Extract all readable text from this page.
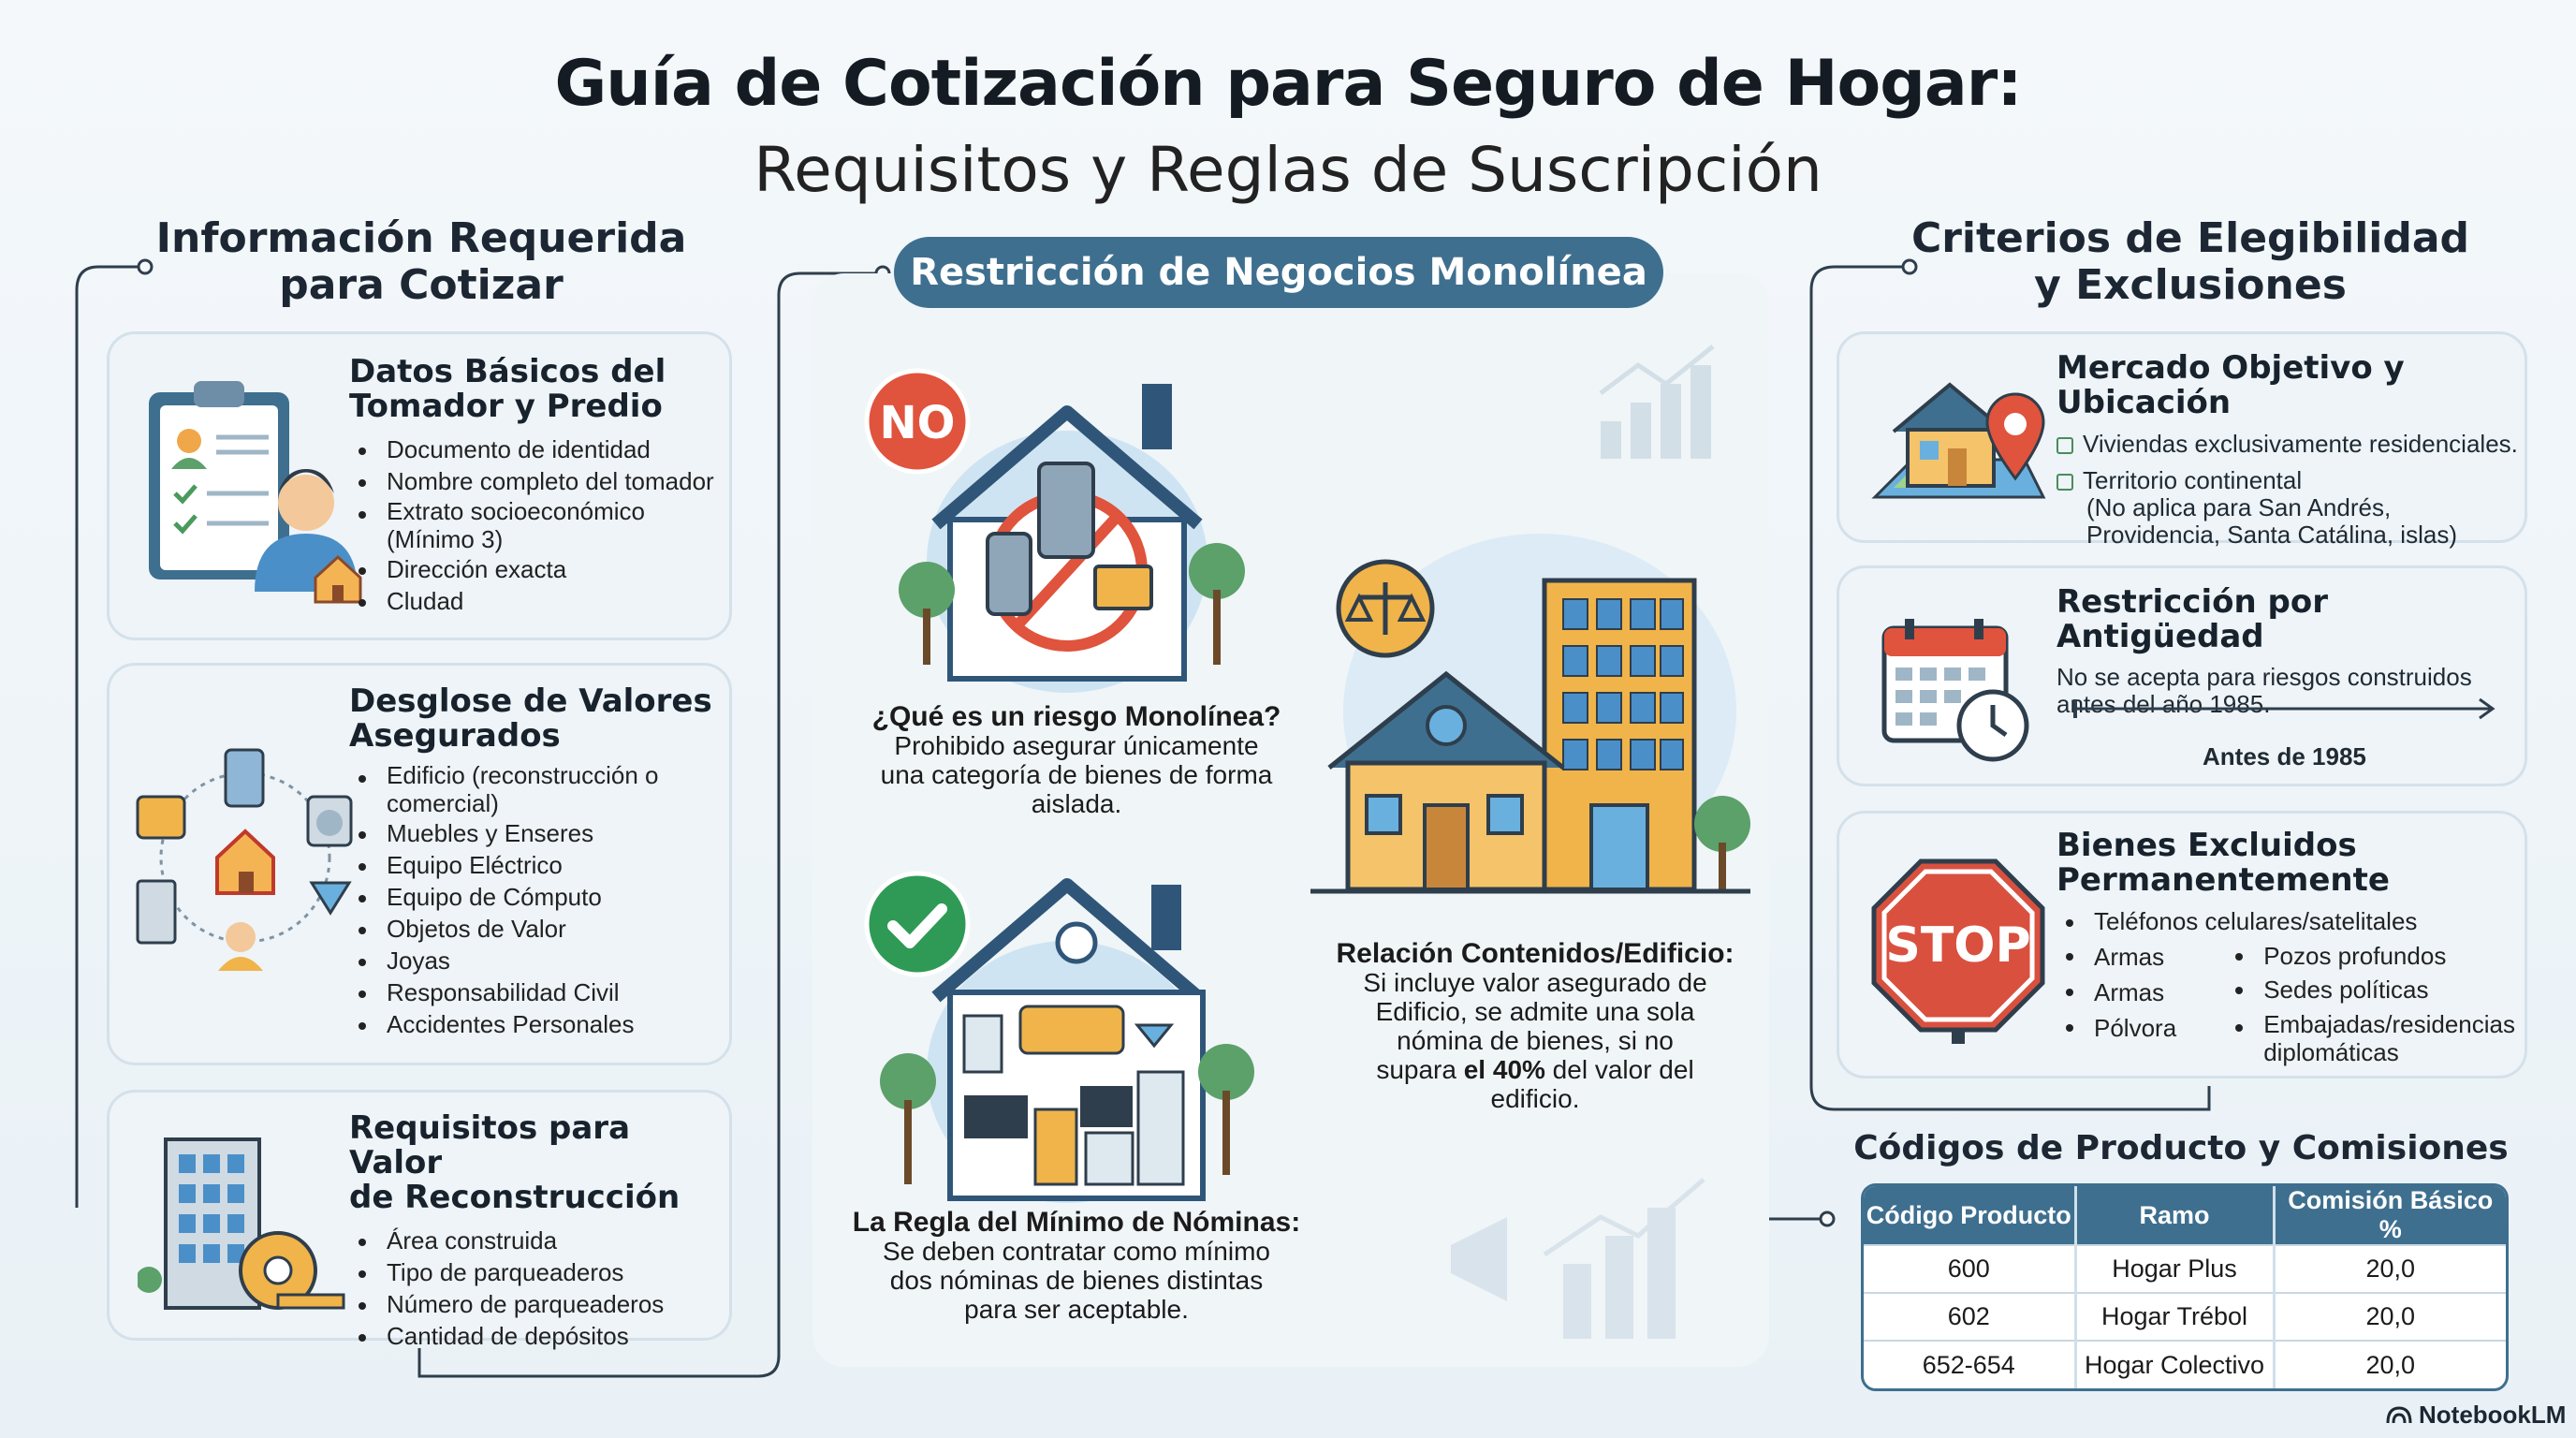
Guía de Cotización para Seguro de Hogar:
Requisitos y Reglas de Suscripción
Información Requerida
para Cotizar
Datos Básicos del
Tomador y Predio
Documento de identidad
Nombre completo del tomador
Extrato socioeconómico
(Mínimo 3)
Dirección exacta
Cludad
Desglose de Valores
Asegurados
Edificio (reconstrucción o
comercial)
Muebles y Enseres
Equipo Eléctrico
Equipo de Cómputo
Objetos de Valor
Joyas
Responsabilidad Civil
Accidentes Personales
Requisitos para Valor
de Reconstrucción
Área construida
Tipo de parqueaderos
Número de parqueaderos
Cantidad de depósitos
Restricción de Negocios Monolínea
NO
¿Qué es un riesgo Monolínea?
Prohibido asegurar únicamente
una categoría de bienes de forma
aislada.
La Regla del Mínimo de Nóminas:
Se deben contratar como mínimo
dos nóminas de bienes distintas
para ser aceptable.
Relación Contenidos/Edificio:
Si incluye valor asegurado de
Edificio, se admite una sola
nómina de bienes, si no
supara el 40% del valor del
edificio.
Criterios de Elegibilidad
y Exclusiones
Mercado Objetivo y Ubicación
Viviendas exclusivamente residenciales.
Territorio continental
(No aplica para San Andrés,
Providencia, Santa Catálina, islas)
Restricción por Antigüedad
No se acepta para riesgos construidos
antes del año 1985.
Antes de 1985
STOP
Bienes Excluidos
Permanentemente
Teléfonos celulares/satelitales
Armas
Armas
Pólvora
Pozos profundos
Sedes políticas
Embajadas/residencias
diplomáticas
Códigos de Producto y Comisiones
Código Producto	Ramo	Comisión Básico %
600	Hogar Plus	20,0
602	Hogar Trébol	20,0
652-654	Hogar Colectivo	20,0
NotebookLM
